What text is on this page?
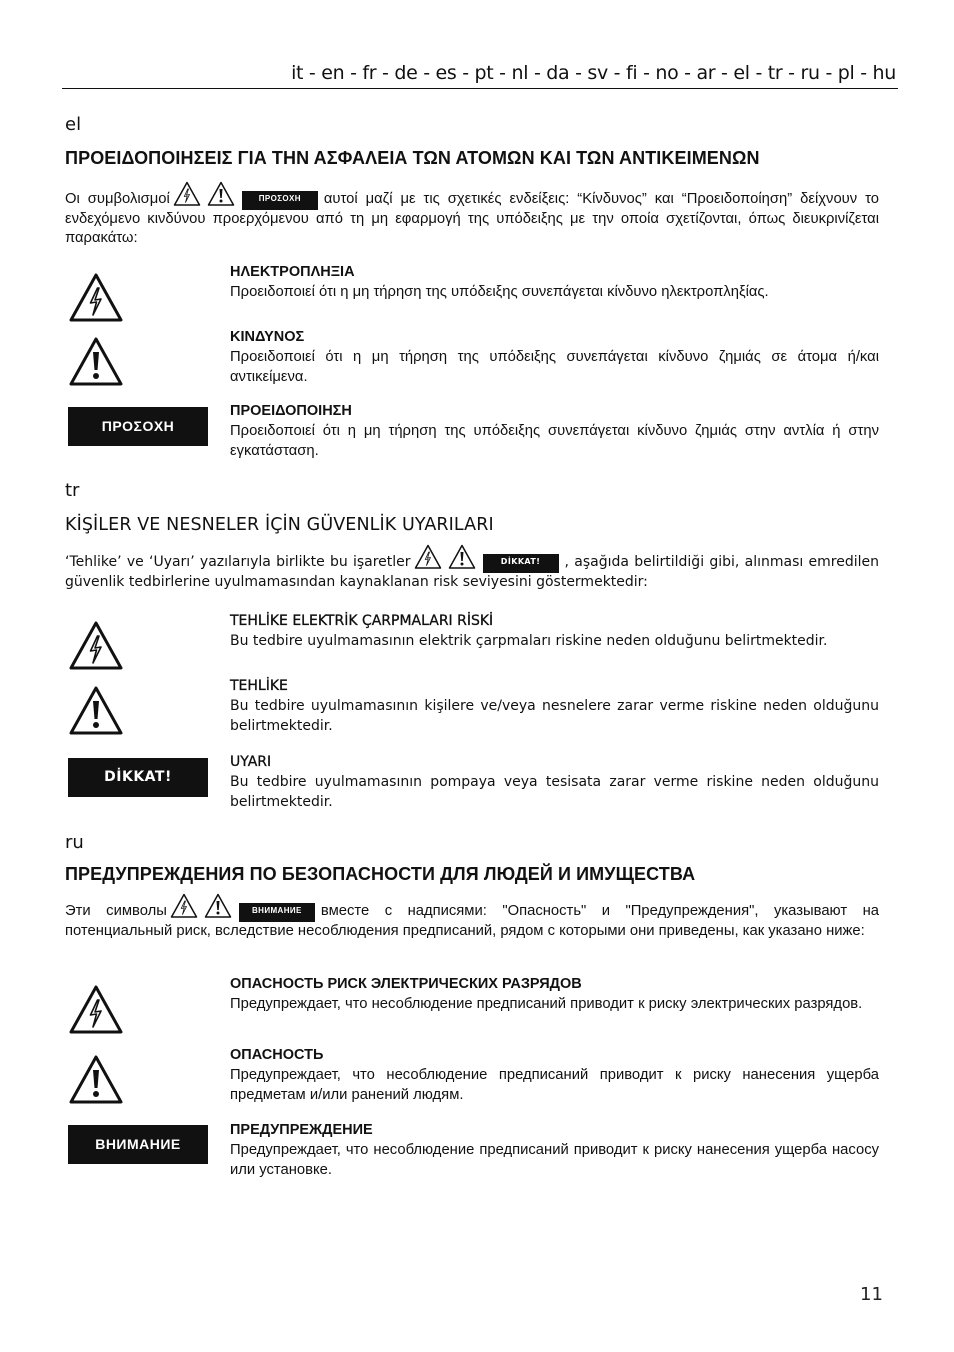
it - en - fr - de - es - pt - nl - da - sv - fi - no - ar - el - tr - ru - pl - hu
el
ΠΡΟΕΙΔΟΠΟΙΗΣΕΙΣ ΓΙΑ ΤΗΝ ΑΣΦΑΛΕΙΑ ΤΩΝ ΑΤΟΜΩΝ ΚΑΙ ΤΩΝ ΑΝΤΙΚΕΙΜΕΝΩΝ
Οι συμβολισμοί	ΠΡΟΣΟΧΗ αυτοί μαζί με τις σχετικές ενδείξεις: “Κίνδυνος” και “Προειδοποίηση” δείχνουν το ενδεχόμενο κινδύνου προερχόμενου από τη μη εφαρμογή της υπόδειξης με την οποία σχετίζονται, όπως διευκρινίζεται παρακάτω:
ΗΛΕΚΤΡΟΠΛΗΞΙΑ
Προειδοποιεί ότι η μη τήρηση της υπόδειξης συνεπάγεται κίνδυνο ηλεκτροπληξίας.
ΚΙΝΔΥΝΟΣ
Προειδοποιεί ότι η μη τήρηση της υπόδειξης συνεπάγεται κίνδυνο ζημιάς σε άτομα ή/και αντικείμενα.
ΠΡΟΣΟΧΗ
ΠΡΟΕΙΔΟΠΟΙΗΣΗ
Προειδοποιεί ότι η μη τήρηση της υπόδειξης συνεπάγεται κίνδυνο ζημιάς στην αντλία ή στην εγκατάσταση.
tr
KİŞİLER VE NESNELER İÇİN GÜVENLİK UYARILARI
‘Tehlike’ ve ‘Uyarı’ yazılarıyla birlikte bu işaretler	DİKKAT! , aşağıda belirtildiği gibi, alınması emredilen güvenlik tedbirlerine uyulmamasından kaynaklanan risk seviyesini göstermektedir:
TEHLİKE ELEKTRİK ÇARPMALARI RİSKİ
Bu tedbire uyulmamasının elektrik çarpmaları riskine neden olduğunu belirtmektedir.
TEHLİKE
Bu tedbire uyulmamasının kişilere ve/veya nesnelere zarar verme riskine neden olduğunu belirtmektedir.
DİKKAT!
UYARI
Bu tedbire uyulmamasının pompaya veya tesisata zarar verme riskine neden olduğunu belirtmektedir.
ru
ПРЕДУПРЕЖДЕНИЯ ПО БЕЗОПАСНОСТИ ДЛЯ ЛЮДЕЙ И ИМУЩЕСТВА
Эти символы	ВНИМАНИЕ вместе с надписями: "Опасность" и "Предупреждения", указывают на потенциальный риск, вследствие несоблюдения предписаний, рядом с которыми они приведены, как указано ниже:
ОПАСНОСТЬ РИСК ЭЛЕКТРИЧЕСКИХ РАЗРЯДОВ
Предупреждает, что несоблюдение предписаний приводит к риску электрических разрядов.
ОПАСНОСТЬ
Предупреждает, что несоблюдение предписаний приводит к риску нанесения ущерба предметам и/или ранений людям.
ВНИМАНИЕ
ПРЕДУПРЕЖДЕНИЕ
Предупреждает, что несоблюдение предписаний приводит к риску нанесения ущерба насосу или установке.
11
